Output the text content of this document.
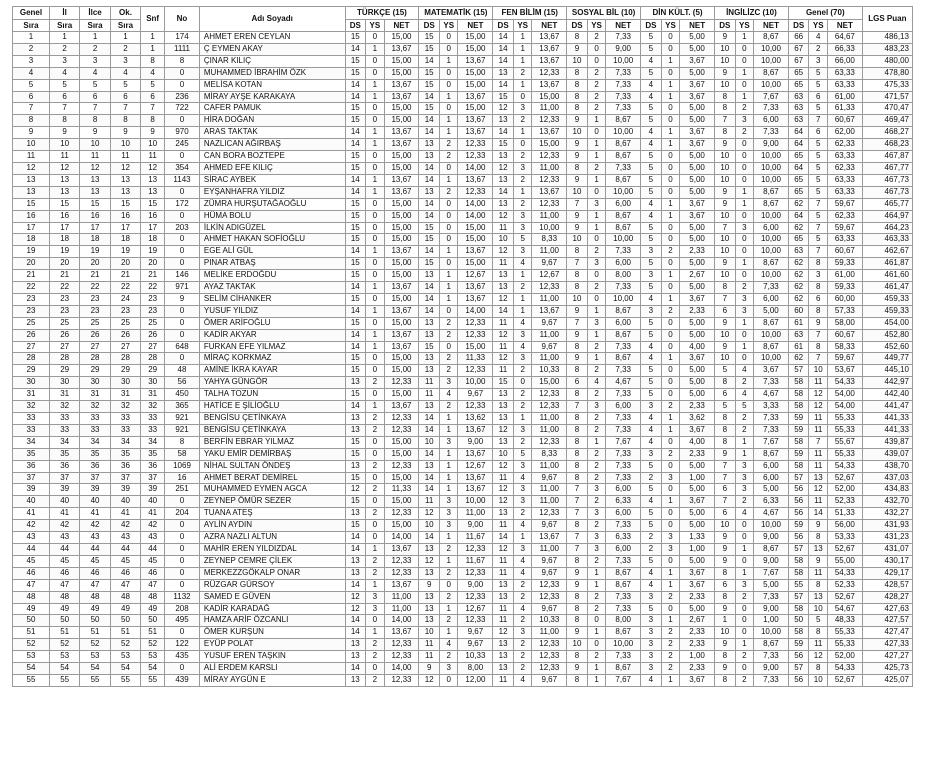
Genel	İl	İlce	Ok.	Snf	No	Adı Soyadı	TÜRKÇE (15)			MATEMATİK (15)			FEN BİLİM (15)			SOSYAL BİL (10)			DİN KÜLT. (5)			İNGİLİZC (10)			Genel (70)			LGS Puan
Sıra	Sıra	Sıra	Sıra				DS	YS	NET	DS	YS	NET	DS	YS	NET	DS	YS	NET	DS	YS	NET	DS	YS	NET	DS	YS	NET	
1	1	1	1	1	174	AHMET EREN CEYLAN	15	0	15,00	15	0	15,00	14	1	13,67	8	2	7,33	5	0	5,00	9	1	8,67	66	4	64,67	486,13
2	2	2	2	1	1111	Ç EYMEN AKAY	14	1	13,67	15	0	15,00	14	1	13,67	9	0	9,00	5	0	5,00	10	0	10,00	67	2	66,33	483,23
3	3	3	3	8	8	ÇINAR KILIÇ	15	0	15,00	14	1	13,67	14	1	13,67	10	0	10,00	4	1	3,67	10	0	10,00	67	3	66,00	480,00
4	4	4	4	4	0	MUHAMMED İBRAHİM ÖZK	15	0	15,00	15	0	15,00	13	2	12,33	8	2	7,33	5	0	5,00	9	1	8,67	65	5	63,33	478,80
5	5	5	5	5	0	MELİSA KOTAN	14	1	13,67	15	0	15,00	14	1	13,67	8	2	7,33	4	1	3,67	10	0	10,00	65	5	63,33	475,33
6	6	6	6	6	236	MİRAY AYŞE KARAKAYA	14	1	13,67	14	1	13,67	15	0	15,00	8	2	7,33	4	1	3,67	8	1	7,67	63	6	61,00	471,57
7	7	7	7	7	722	CAFER PAMUK	15	0	15,00	15	0	15,00	12	3	11,00	8	2	7,33	5	0	5,00	8	2	7,33	63	5	61,33	470,47
8	8	8	8	8	0	HİRA DOĞAN	15	0	15,00	14	1	13,67	13	2	12,33	9	1	8,67	5	0	5,00	7	3	6,00	63	7	60,67	469,47
9	9	9	9	9	970	ARAS TAKTAK	14	1	13,67	14	1	13,67	14	1	13,67	10	0	10,00	4	1	3,67	8	2	7,33	64	6	62,00	468,27
10	10	10	10	10	245	NAZLICAN AĞIRBAŞ	14	1	13,67	13	2	12,33	15	0	15,00	9	1	8,67	4	1	3,67	9	0	9,00	64	5	62,33	468,23
11	11	11	11	11	0	CAN BORA BOZTEPE	15	0	15,00	13	2	12,33	13	2	12,33	9	1	8,67	5	0	5,00	10	0	10,00	65	5	63,33	467,87
12	12	12	12	12	354	AHMED EFE KILIÇ	15	0	15,00	14	0	14,00	12	3	11,00	8	2	7,33	5	0	5,00	10	0	10,00	64	5	62,33	467,77
13	13	13	13	13	1143	SİRAC AYBEK	14	1	13,67	14	1	13,67	13	2	12,33	9	1	8,67	5	0	5,00	10	0	10,00	65	5	63,33	467,73
13	13	13	13	13	0	EYŞANHAFRA YILDIZ	14	1	13,67	13	2	12,33	14	1	13,67	10	0	10,00	5	0	5,00	9	1	8,67	65	5	63,33	467,73
15	15	15	15	15	172	ZÜMRA HURŞUTAĞAOĞLU	15	0	15,00	14	0	14,00	13	2	12,33	7	3	6,00	4	1	3,67	9	1	8,67	62	7	59,67	465,77
16	16	16	16	16	0	HÜMA BOLU	15	0	15,00	14	0	14,00	12	3	11,00	9	1	8,67	4	1	3,67	10	0	10,00	64	5	62,33	464,97
17	17	17	17	17	203	İLKİN ADIGÜZEL	15	0	15,00	15	0	15,00	11	3	10,00	9	1	8,67	5	0	5,00	7	3	6,00	62	7	59,67	464,23
18	18	18	18	18	0	AHMET HAKAN SOFİOĞLU	15	0	15,00	15	0	15,00	10	5	8,33	10	0	10,00	5	0	5,00	10	0	10,00	65	5	63,33	463,33
19	19	19	19	19	0	EGE ALİ GÜL	14	1	13,67	14	1	13,67	12	3	11,00	8	2	7,33	3	2	2,33	10	0	10,00	63	7	60,67	462,67
20	20	20	20	20	0	PINAR ATBAŞ	15	0	15,00	15	0	15,00	11	4	9,67	7	3	6,00	5	0	5,00	9	1	8,67	62	8	59,33	461,87
21	21	21	21	21	146	MELİKE ERDOĞDU	15	0	15,00	13	1	12,67	13	1	12,67	8	0	8,00	3	1	2,67	10	0	10,00	62	3	61,00	461,60
22	22	22	22	22	971	AYAZ TAKTAK	14	1	13,67	14	1	13,67	13	2	12,33	8	2	7,33	5	0	5,00	8	2	7,33	62	8	59,33	461,47
23	23	23	24	23	9	SELİM CİHANKER	15	0	15,00	14	1	13,67	12	1	11,00	10	0	10,00	4	1	3,67	7	3	6,00	62	6	60,00	459,33
23	23	23	23	23	0	YUSUF YILDIZ	14	1	13,67	14	0	14,00	14	1	13,67	9	1	8,67	3	2	2,33	6	3	5,00	60	8	57,33	459,33
25	25	25	25	25	0	ÖMER ARİFOĞLU	15	0	15,00	13	2	12,33	11	4	9,67	7	3	6,00	5	0	5,00	9	1	8,67	61	9	58,00	454,00
26	26	26	26	26	0	KADİR AKYAR	14	1	13,67	13	2	12,33	12	3	11,00	9	1	8,67	5	0	5,00	10	0	10,00	63	7	60,67	452,80
27	27	27	27	27	648	FURKAN EFE YILMAZ	14	1	13,67	15	0	15,00	11	4	9,67	8	2	7,33	4	0	4,00	9	1	8,67	61	8	58,33	452,60
28	28	28	28	28	0	MİRAÇ KORKMAZ	15	0	15,00	13	2	11,33	12	3	11,00	9	1	8,67	4	1	3,67	10	0	10,00	62	7	59,67	449,77
29	29	29	29	29	48	AMİNE İKRA KAYAR	15	0	15,00	13	2	12,33	11	2	10,33	8	2	7,33	5	0	5,00	5	4	3,67	57	10	53,67	445,10
30	30	30	30	30	56	YAHYA GÜNGÖR	13	2	12,33	11	3	10,00	15	0	15,00	6	4	4,67	5	0	5,00	8	2	7,33	58	11	54,33	442,97
31	31	31	31	31	450	TALHA TOZUN	15	0	15,00	11	4	9,67	13	2	12,33	8	2	7,33	5	0	5,00	6	4	4,67	58	12	54,00	442,40
32	32	32	32	32	365	HATİCE E ŞİLİOĞLU	14	1	13,67	13	2	12,33	13	2	12,33	7	3	6,00	3	2	2,33	5	5	3,33	58	12	54,00	441,47
33	33	33	33	33	921	BENGİSU ÇETİNKAYA	13	2	12,33	14	1	13,62	13	1	11,00	8	2	7,33	4	1	3,62	8	2	7,33	59	11	55,33	441,33
33	33	33	33	33	921	BENGİSU ÇETİNKAYA	13	2	12,33	14	1	13,67	12	3	11,00	8	2	7,33	4	1	3,67	8	2	7,33	59	11	55,33	441,33
34	34	34	34	34	8	BERFİN EBRAR YILMAZ	15	0	15,00	10	3	9,00	13	2	12,33	8	1	7,67	4	0	4,00	8	1	7,67	58	7	55,67	439,87
35	35	35	35	35	58	YAKU EMİR DEMİRBAŞ	15	0	15,00	14	1	13,67	10	5	8,33	8	2	7,33	3	2	2,33	9	1	8,67	59	11	55,33	439,07
36	36	36	36	36	1069	NİHAL SULTAN ÖNDEŞ	13	2	12,33	13	1	12,67	12	3	11,00	8	2	7,33	5	0	5,00	7	3	6,00	58	11	54,33	438,70
37	37	37	37	37	16	AHMET BERAT DEMİREL	15	0	15,00	14	1	13,67	11	4	9,67	8	2	7,33	2	3	1,00	7	3	6,00	57	13	52,67	437,03
39	39	39	39	39	251	MUHAMMED EYMEN AGCA	12	2	11,33	14	1	13,67	12	3	11,00	7	3	6,00	5	0	5,00	6	3	5,00	56	12	52,00	434,83
40	40	40	40	40	0	ZEYNEP ÖMÜR SEZER	15	0	15,00	11	3	10,00	12	3	11,00	7	2	6,33	4	1	3,67	7	2	6,33	56	11	52,33	432,70
41	41	41	41	41	204	TUANA ATEŞ	13	2	12,33	12	3	11,00	13	2	12,33	7	3	6,00	5	0	5,00	6	4	4,67	56	14	51,33	432,27
42	42	42	42	42	0	AYLİN AYDIN	15	0	15,00	10	3	9,00	11	4	9,67	8	2	7,33	5	0	5,00	10	0	10,00	59	9	56,00	431,93
43	43	43	43	43	0	AZRA NAZLI ALTUN	14	0	14,00	14	1	11,67	14	1	13,67	7	3	6,33	2	3	1,33	9	0	9,00	56	8	53,33	431,23
44	44	44	44	44	0	MAHİR EREN YILDIZDAL	14	1	13,67	13	2	12,33	12	3	11,00	7	3	6,00	2	3	1,00	9	1	8,67	57	13	52,67	431,07
45	45	45	45	45	0	ZEYNEP CEMRE ÇİLEK	13	2	12,33	12	1	11,67	11	4	9,67	8	2	7,33	5	0	5,00	9	0	9,00	58	9	55,00	430,17
46	46	46	46	46	0	MERKEZZGÖKALP ONAR	13	2	12,33	13	2	12,33	11	4	9,67	9	1	8,67	4	1	3,67	8	1	7,67	58	11	54,33	429,17
47	47	47	47	47	0	RÜZGAR GÜRSOY	14	1	13,67	9	0	9,00	13	2	12,33	9	1	8,67	4	1	3,67	6	3	5,00	55	8	52,33	428,57
48	48	48	48	48	1132	SAMED E GÜVEN	12	3	11,00	13	2	12,33	13	2	12,33	8	2	7,33	3	2	2,33	8	2	7,33	57	13	52,67	428,27
49	49	49	49	49	208	KADİR KARADAĞ	12	3	11,00	13	1	12,67	11	4	9,67	8	2	7,33	5	0	5,00	9	0	9,00	58	10	54,67	427,63
50	50	50	50	50	495	HAMZA ARİF ÖZCANLI	14	0	14,00	13	2	12,33	11	2	10,33	8	0	8,00	3	1	2,67	1	0	1,00	50	5	48,33	427,57
51	51	51	51	51	0	ÖMER KURŞUN	14	1	13,67	10	1	9,67	12	3	11,00	9	1	8,67	3	2	2,33	10	0	10,00	58	8	55,33	427,47
52	52	52	52	52	122	EYÜP POLAT	13	2	12,33	11	4	9,67	13	2	12,33	10	0	10,00	3	2	2,33	9	1	8,67	59	11	55,33	427,33
53	53	53	53	53	435	YUSUF EREN TAŞKIN	13	2	12,33	11	2	10,33	13	2	12,33	8	2	7,33	3	2	1,00	8	2	7,33	56	12	52,00	427,27
54	54	54	54	54	0	ALİ ERDEM KARSLI	14	0	14,00	9	3	8,00	13	2	12,33	9	1	8,67	3	2	2,33	9	0	9,00	57	8	54,33	425,73
55	55	55	55	55	439	MİRAY AYGÜN E	13	2	12,33	12	0	12,00	11	4	9,67	8	1	7,67	4	1	3,67	8	2	7,33	56	10	52,67	425,07
